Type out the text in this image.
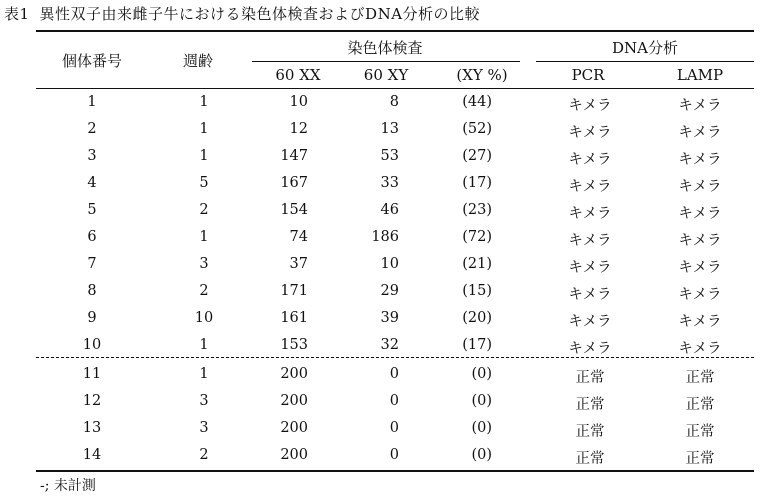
表1 異性双子由来雌子牛における染色体検査およびDNA分析の比較
個体番号	週齢
染色体検査	DNA分析
60 XX	60 XY	(XY %)	PCR	LAMP
1	1	10	8	(44)	キメラ	キメラ
2	1	12	13	(52)	キメラ	キメラ
3	1	147	53	(27)	キメラ	キメラ
4	5	167	33	(17)	キメラ	キメラ
5	2	154	46	(23)	キメラ	キメラ
6	1	74	186	(72)	キメラ	キメラ
7	3	37	10	(21)	キメラ	キメラ
8	2	171	29	(15)	キメラ	キメラ
9	10	161	39	(20)	キメラ	キメラ
10	1	153	32	(17)	キメラ	キメラ
11	1	200	0	(0)	正常	正常
12	3	200	0	(0)	正常	正常
13	3	200	0	(0)	正常	正常
14	2	200	0	(0)	正常	正常
-; 未計測
